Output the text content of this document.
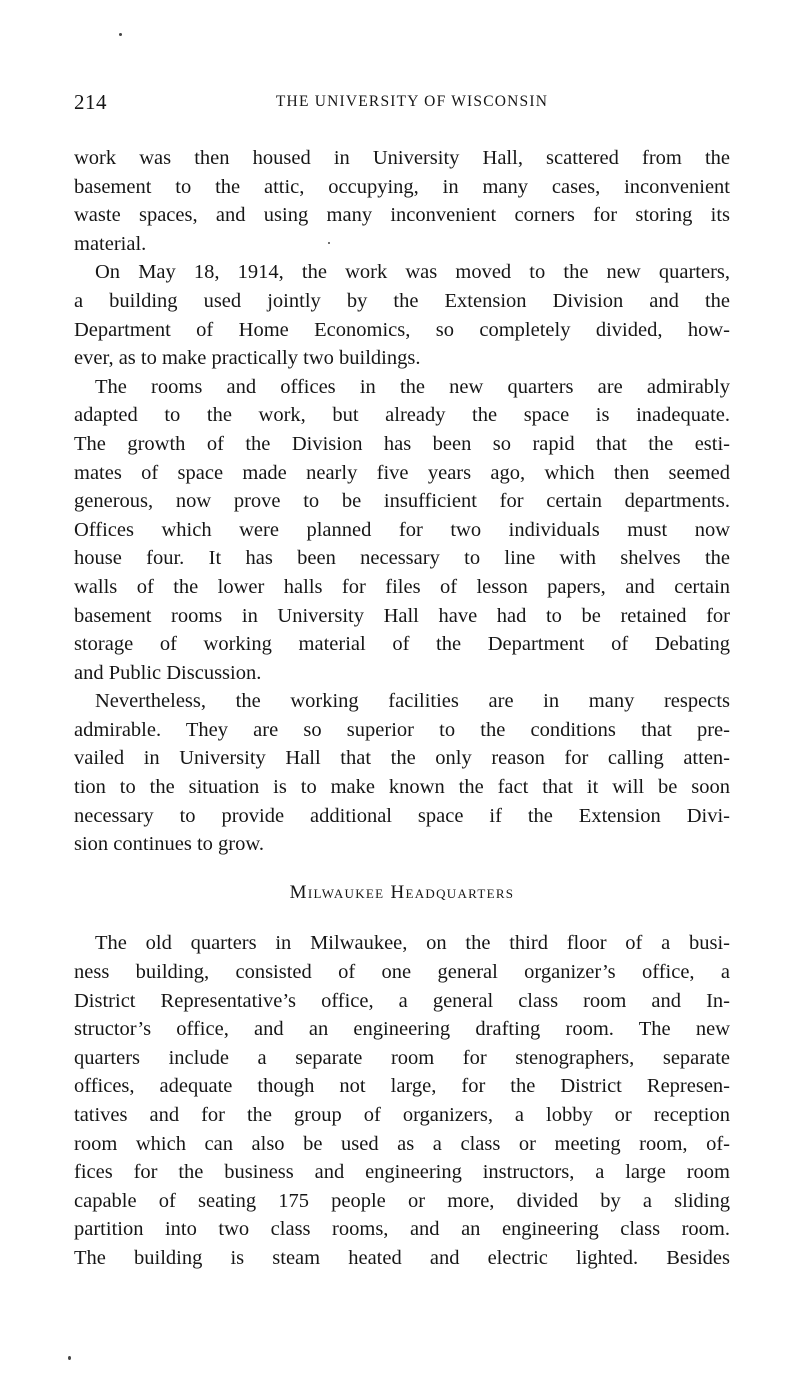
214	THE UNIVERSITY OF WISCONSIN
work was then housed in University Hall, scattered from the
basement to the attic, occupying, in many cases, inconvenient
waste spaces, and using many inconvenient corners for storing its
material.
On May 18, 1914, the work was moved to the new quarters,
a building used jointly by the Extension Division and the
Department of Home Economics, so completely divided, how-
ever, as to make practically two buildings.
The rooms and offices in the new quarters are admirably
adapted to the work, but already the space is inadequate.
The growth of the Division has been so rapid that the esti-
mates of space made nearly five years ago, which then seemed
generous, now prove to be insufficient for certain departments.
Offices which were planned for two individuals must now
house four. It has been necessary to line with shelves the
walls of the lower halls for files of lesson papers, and certain
basement rooms in University Hall have had to be retained for
storage of working material of the Department of Debating
and Public Discussion.
Nevertheless, the working facilities are in many respects
admirable. They are so superior to the conditions that pre-
vailed in University Hall that the only reason for calling atten-
tion to the situation is to make known the fact that it will be soon
necessary to provide additional space if the Extension Divi-
sion continues to grow.
Milwaukee Headquarters
The old quarters in Milwaukee, on the third floor of a busi-
ness building, consisted of one general organizer’s office, a
District Representative’s office, a general class room and In-
structor’s office, and an engineering drafting room. The new
quarters include a separate room for stenographers, separate
offices, adequate though not large, for the District Represen-
tatives and for the group of organizers, a lobby or reception
room which can also be used as a class or meeting room, of-
fices for the business and engineering instructors, a large room
capable of seating 175 people or more, divided by a sliding
partition into two class rooms, and an engineering class room.
The building is steam heated and electric lighted. Besides
